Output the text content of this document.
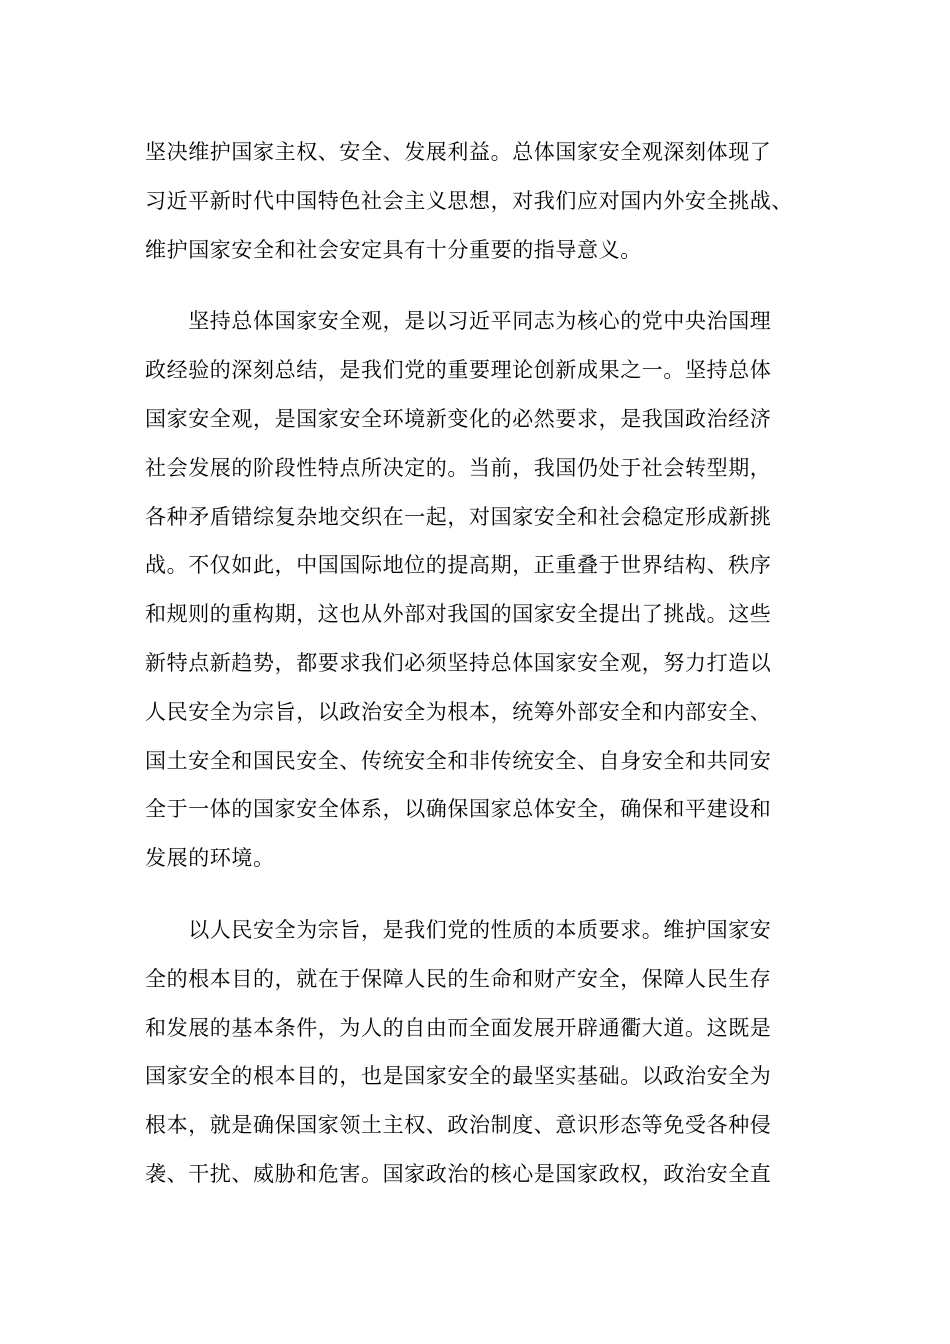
坚决维护国家主权、安全、发展利益。总体国家安全观深刻体现了
习近平新时代中国特色社会主义思想，对我们应对国内外安全挑战、
维护国家安全和社会安定具有十分重要的指导意义。
　　坚持总体国家安全观，是以习近平同志为核心的党中央治国理
政经验的深刻总结，是我们党的重要理论创新成果之一。坚持总体
国家安全观，是国家安全环境新变化的必然要求，是我国政治经济
社会发展的阶段性特点所决定的。当前，我国仍处于社会转型期，
各种矛盾错综复杂地交织在一起，对国家安全和社会稳定形成新挑
战。不仅如此，中国国际地位的提高期，正重叠于世界结构、秩序
和规则的重构期，这也从外部对我国的国家安全提出了挑战。这些
新特点新趋势，都要求我们必须坚持总体国家安全观，努力打造以
人民安全为宗旨，以政治安全为根本，统筹外部安全和内部安全、
国土安全和国民安全、传统安全和非传统安全、自身安全和共同安
全于一体的国家安全体系，以确保国家总体安全，确保和平建设和
发展的环境。
　　以人民安全为宗旨，是我们党的性质的本质要求。维护国家安
全的根本目的，就在于保障人民的生命和财产安全，保障人民生存
和发展的基本条件，为人的自由而全面发展开辟通衢大道。这既是
国家安全的根本目的，也是国家安全的最坚实基础。以政治安全为
根本，就是确保国家领土主权、政治制度、意识形态等免受各种侵
袭、干扰、威胁和危害。国家政治的核心是国家政权，政治安全直
